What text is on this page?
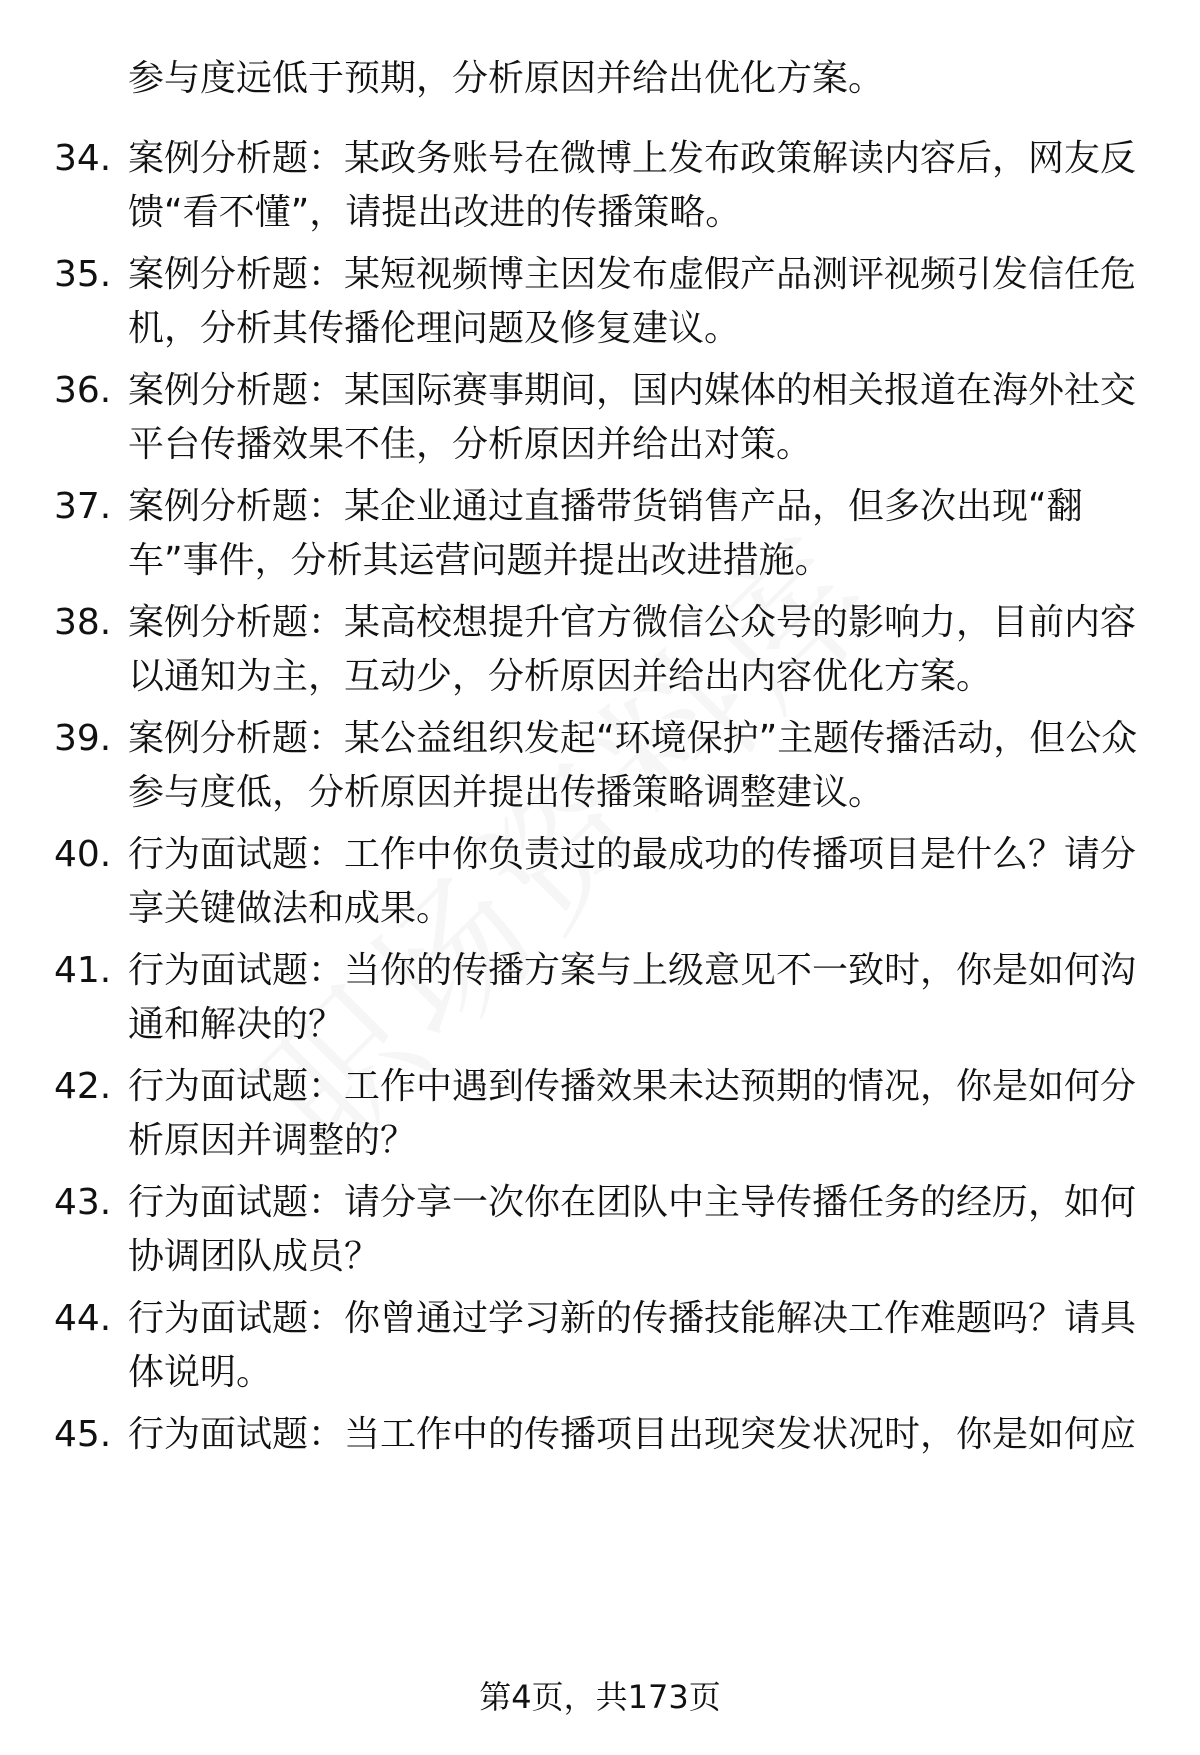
参与度远低于预期，分析原因并给出优化方案。
34. 案例分析题：某政务账号在微博上发布政策解读内容后，网友反馈“看不懂”，请提出改进的传播策略。
35. 案例分析题：某短视频博主因发布虚假产品测评视频引发信任危机，分析其传播伦理问题及修复建议。
36. 案例分析题：某国际赛事期间，国内媒体的相关报道在海外社交平台传播效果不佳，分析原因并给出对策。
37. 案例分析题：某企业通过直播带货销售产品，但多次出现“翻车”事件，分析其运营问题并提出改进措施。
38. 案例分析题：某高校想提升官方微信公众号的影响力，目前内容以通知为主，互动少，分析原因并给出内容优化方案。
39. 案例分析题：某公益组织发起“环境保护”主题传播活动，但公众参与度低，分析原因并提出传播策略调整建议。
40. 行为面试题：工作中你负责过的最成功的传播项目是什么？请分享关键做法和成果。
41. 行为面试题：当你的传播方案与上级意见不一致时，你是如何沟通和解决的？
42. 行为面试题：工作中遇到传播效果未达预期的情况，你是如何分析原因并调整的？
43. 行为面试题：请分享一次你在团队中主导传播任务的经历，如何协调团队成员？
44. 行为面试题：你曾通过学习新的传播技能解决工作难题吗？请具体说明。
45. 行为面试题：当工作中的传播项目出现突发状况时，你是如何应
第4页，共173页
